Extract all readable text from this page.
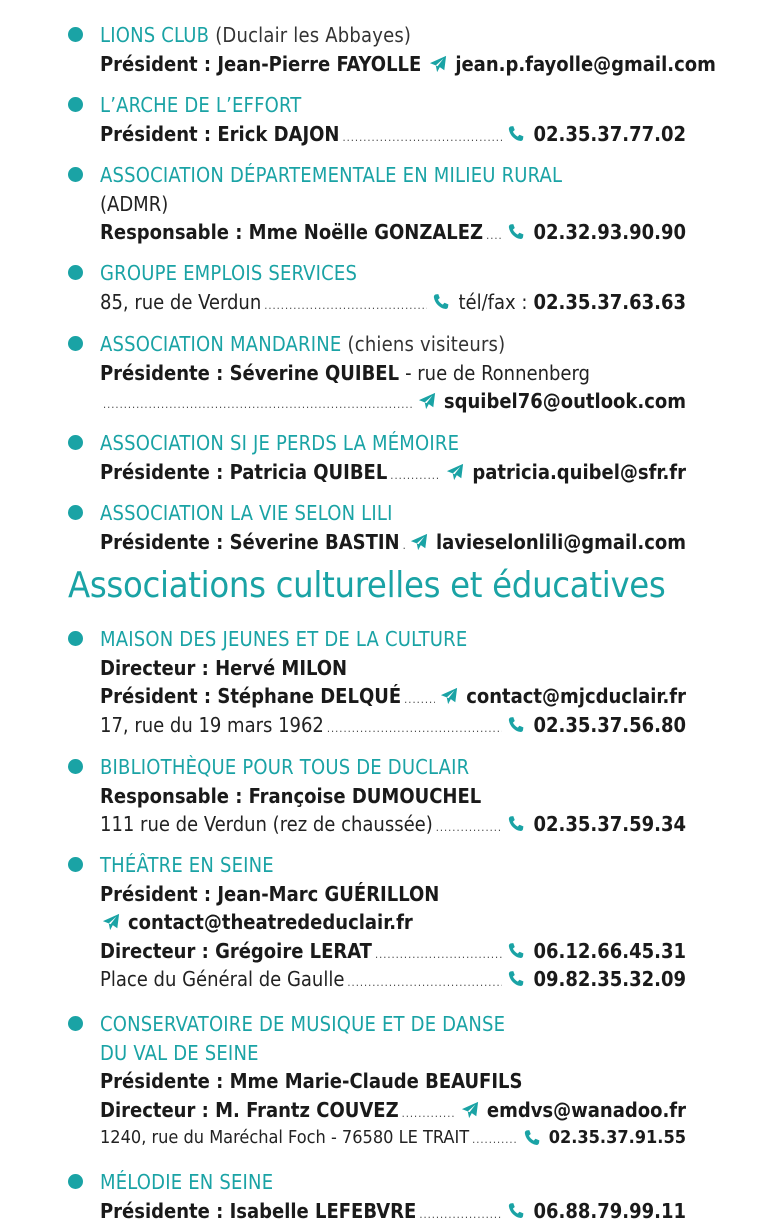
Associations culturelles et éducatives
LIONS CLUB (Duclair les Abbayes)
Président : Jean-Pierre FAYOLLE jean.p.fayolle@gmail.com
L’ARCHE DE L’EFFORT
Président : Erick DAJON .....	02.35.37.77.02
ASSOCIATION DÉPARTEMENTALE EN MILIEU RURAL
(ADMR)
Responsable : Mme Noëlle GONZALEZ .....	02.32.93.90.90
GROUPE EMPLOIS SERVICES
85, rue de Verdun .....	tél/fax : 02.35.37.63.63
ASSOCIATION MANDARINE (chiens visiteurs)
Présidente : Séverine QUIBEL - rue de Ronnenberg
.....
squibel76@outlook.com
ASSOCIATION SI JE PERDS LA MÉMOIRE
Présidente : Patricia QUIBEL .....	patricia.quibel@sfr.fr
ASSOCIATION LA VIE SELON LILI
Présidente : Séverine BASTIN ..... lavieselonlili@gmail.com
MAISON DES JEUNES ET DE LA CULTURE
Directeur : Hervé MILON
Président : Stéphane DELQUÉ .....	contact@mjcduclair.fr
17, rue du 19 mars 1962 .....	02.35.37.56.80
BIBLIOTHÈQUE POUR TOUS DE DUCLAIR
Responsable : Françoise DUMOUCHEL
111 rue de Verdun (rez de chaussée) .....	02.35.37.59.34
THÉÂTRE EN SEINE
Président : Jean-Marc GUÉRILLON
contact@theatrededuclair.fr
Directeur : Grégoire LERAT .....	06.12.66.45.31
Place du Général de Gaulle .....	09.82.35.32.09
CONSERVATOIRE DE MUSIQUE ET DE DANSE
DU VAL DE SEINE
Présidente : Mme Marie-Claude BEAUFILS
Directeur : M. Frantz COUVEZ .....	emdvs@wanadoo.fr
1240, rue du Maréchal Foch - 76580 LE TRAIT .....	02.35.37.91.55
MÉLODIE EN SEINE
Présidente : Isabelle LEFEBVRE .....	06.88.79.99.11
